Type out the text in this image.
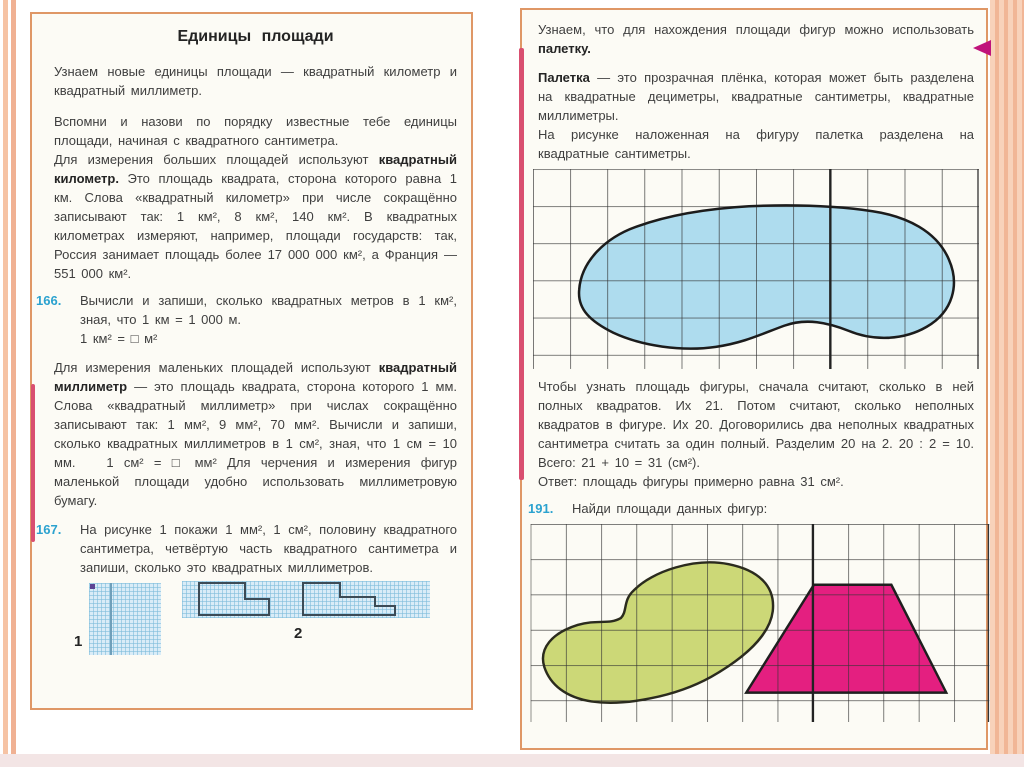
Единицы площади

Узнаем новые единицы площади — квадратный километр и квадратный миллиметр.

Вспомни и назови по порядку известные тебе единицы площади, начиная с квадратного сантиметра.

Для измерения больших площадей используют квадратный километр. Это площадь квадрата, сторона которого равна 1 км. Слова «квадратный километр» при числе сокращённо записывают так: 1 км², 8 км², 140 км². В квадратных километрах измеряют, например, площади государств: так, Россия занимает площадь более 17 000 000 км², а Франция — 551 000 км².

166.	Вычисли и запиши, сколько квадратных метров в 1 км², зная, что 1 км = 1 000 м.

1 км² = □ м²

Для измерения маленьких площадей используют квадратный миллиметр — это площадь квадрата, сторона которого 1 мм. Слова «квадратный миллиметр» при числах сокращённо записывают так: 1 мм², 9 мм², 70 мм². Вычисли и запиши, сколько квадратных миллиметров в 1 см², зная, что 1 см = 10 мм.   1 см² = □ мм² Для черчения и измерения фигур маленькой площади удобно использовать миллиметровую бумагу.

167.	На рисунке 1 покажи 1 мм², 1 см², половину квадратного сантиметра, четвёртую часть квадратного сантиметра и запиши, сколько это квадратных миллиметров.

1	2

Узнаем, что для нахождения площади фигур можно использовать палетку.

Палетка — это прозрачная плёнка, которая может быть разделена на квадратные дециметры, квадратные сантиметры, квадратные миллиметры.

На рисунке наложенная на фигуру палетка разделена на квадратные сантиметры.

Чтобы узнать площадь фигуры, сначала считают, сколько в ней полных квадратов. Их 21. Потом считают, сколько неполных квадратов в фигуре. Их 20. Договорились два неполных квадратных сантиметра считать за один полный. Разделим 20 на 2. 20 : 2 = 10. Всего: 21 + 10 = 31 (см²).

Ответ: площадь фигуры примерно равна 31 см².

191.	Найди площади данных фигур:
